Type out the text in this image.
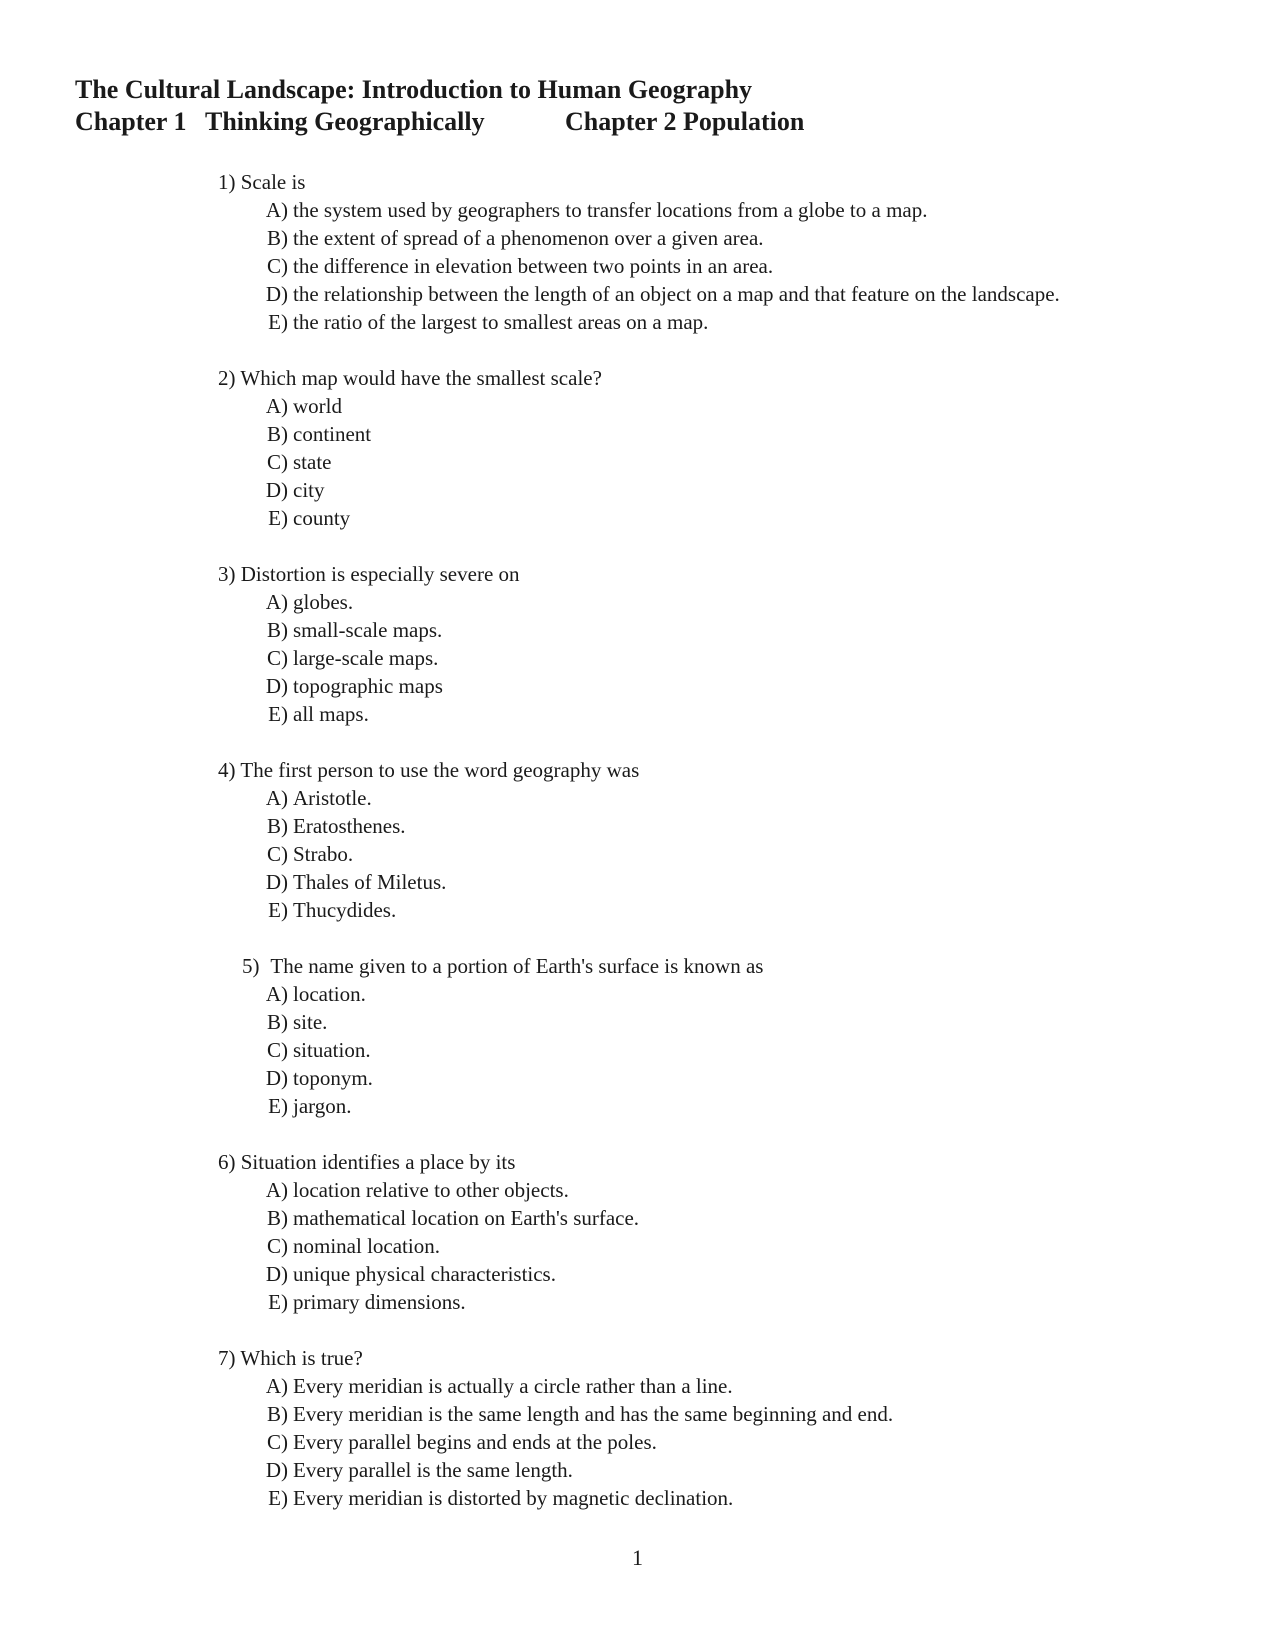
The Cultural Landscape: Introduction to Human Geography
Chapter 1 Thinking Geographically	Chapter 2 Population
1) Scale is
A) the system used by geographers to transfer locations from a globe to a map.
B) the extent of spread of a phenomenon over a given area.
C) the difference in elevation between two points in an area.
D) the relationship between the length of an object on a map and that feature on the landscape.
E) the ratio of the largest to smallest areas on a map.
2) Which map would have the smallest scale?
A) world
B) continent
C) state
D) city
E) county
3) Distortion is especially severe on
A) globes.
B) small-scale maps.
C) large-scale maps.
D) topographic maps
E) all maps.
4) The first person to use the word geography was
A) Aristotle.
B) Eratosthenes.
C) Strabo.
D) Thales of Miletus.
E) Thucydides.
5) The name given to a portion of Earth's surface is known as
A) location.
B) site.
C) situation.
D) toponym.
E) jargon.
6) Situation identifies a place by its
A) location relative to other objects.
B) mathematical location on Earth's surface.
C) nominal location.
D) unique physical characteristics.
E) primary dimensions.
7) Which is true?
A) Every meridian is actually a circle rather than a line.
B) Every meridian is the same length and has the same beginning and end.
C) Every parallel begins and ends at the poles.
D) Every parallel is the same length.
E) Every meridian is distorted by magnetic declination.
1
